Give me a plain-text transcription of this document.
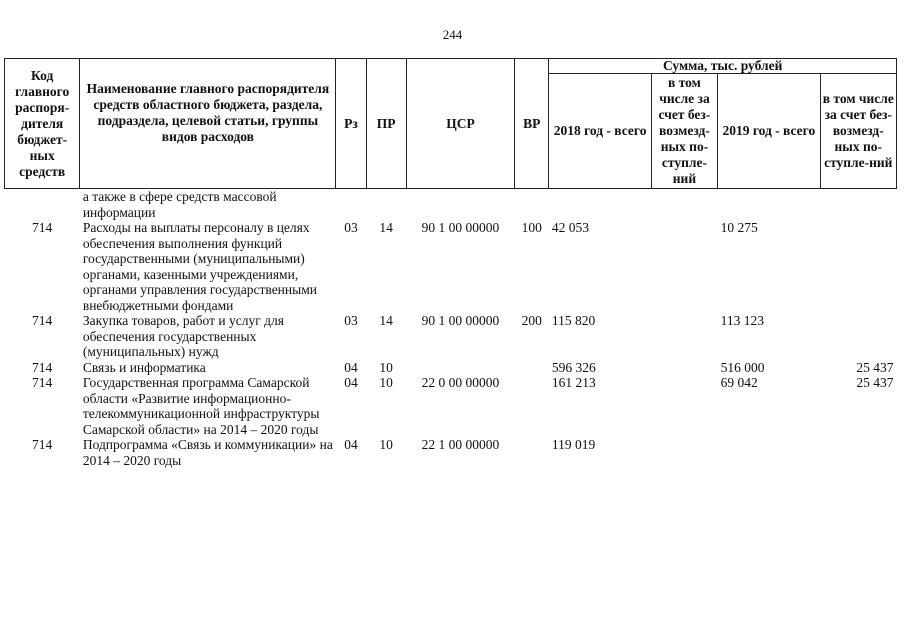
244
Код главного распоря-дителя бюджет-ных средств	Наименование главного распорядителя средств областного бюджета, раздела, подраздела, целевой статьи, группы видов расходов	Рз	ПР	ЦСР	ВР	Сумма, тыс. рублей			
						2018 год - всего	в том числе за счет без-возмезд-ных по-ступле-ний	2019 год - всего	в том числе за счет без-возмезд-ных по-ступле-ний
	а также в сфере средств массовой информации								
714	Расходы на выплаты персоналу в целях обеспечения выполнения функций государственными (муниципальными) органами, казенными учреждениями, органами управления государственными внебюджетными фондами	03	14	90 1 00 00000	100	42 053		10 275	
714	Закупка товаров, работ и услуг для обеспечения государственных (муниципальных) нужд	03	14	90 1 00 00000	200	115 820		113 123	
714	Связь и информатика	04	10			596 326		516 000	25 437
714	Государственная программа Самарской области «Развитие информационно-телекоммуникационной инфраструктуры Самарской области» на 2014 – 2020 годы	04	10	22 0 00 00000		161 213		69 042	25 437
714	Подпрограмма «Связь и коммуникации» на 2014 – 2020 годы	04	10	22 1 00 00000		119 019			
